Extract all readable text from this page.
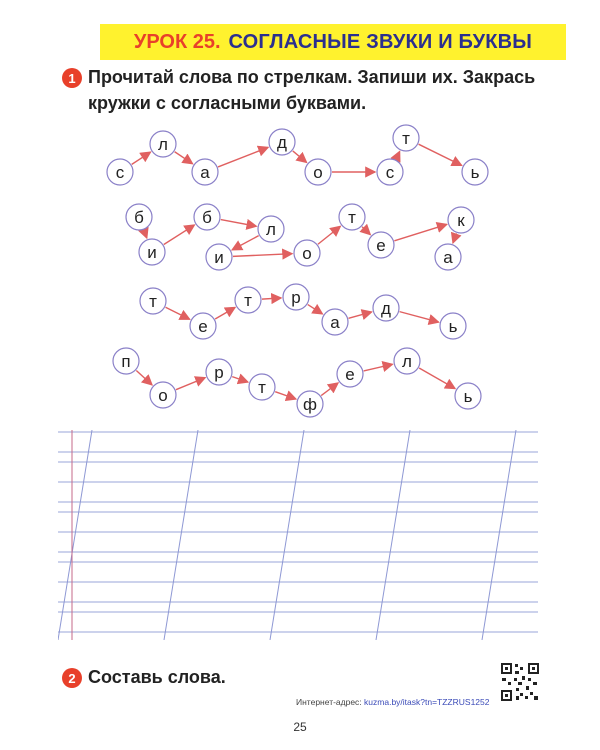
УРОК 25. СОГЛАСНЫЕ ЗВУКИ И БУКВЫ
1 Прочитай слова по стрелкам. Запиши их. Закрась
кружки с согласными буквами.
с
л
а
д
о	с
т
ь
б
и
б
л
и	о
т
е
к
а
т
е
т р
а
д
ь
п
о
р
т
ф
е
л
ь
2 Составь слова.
Интернет-адрес: kuzma.by/itask?tn=TZZRUS1252
25
